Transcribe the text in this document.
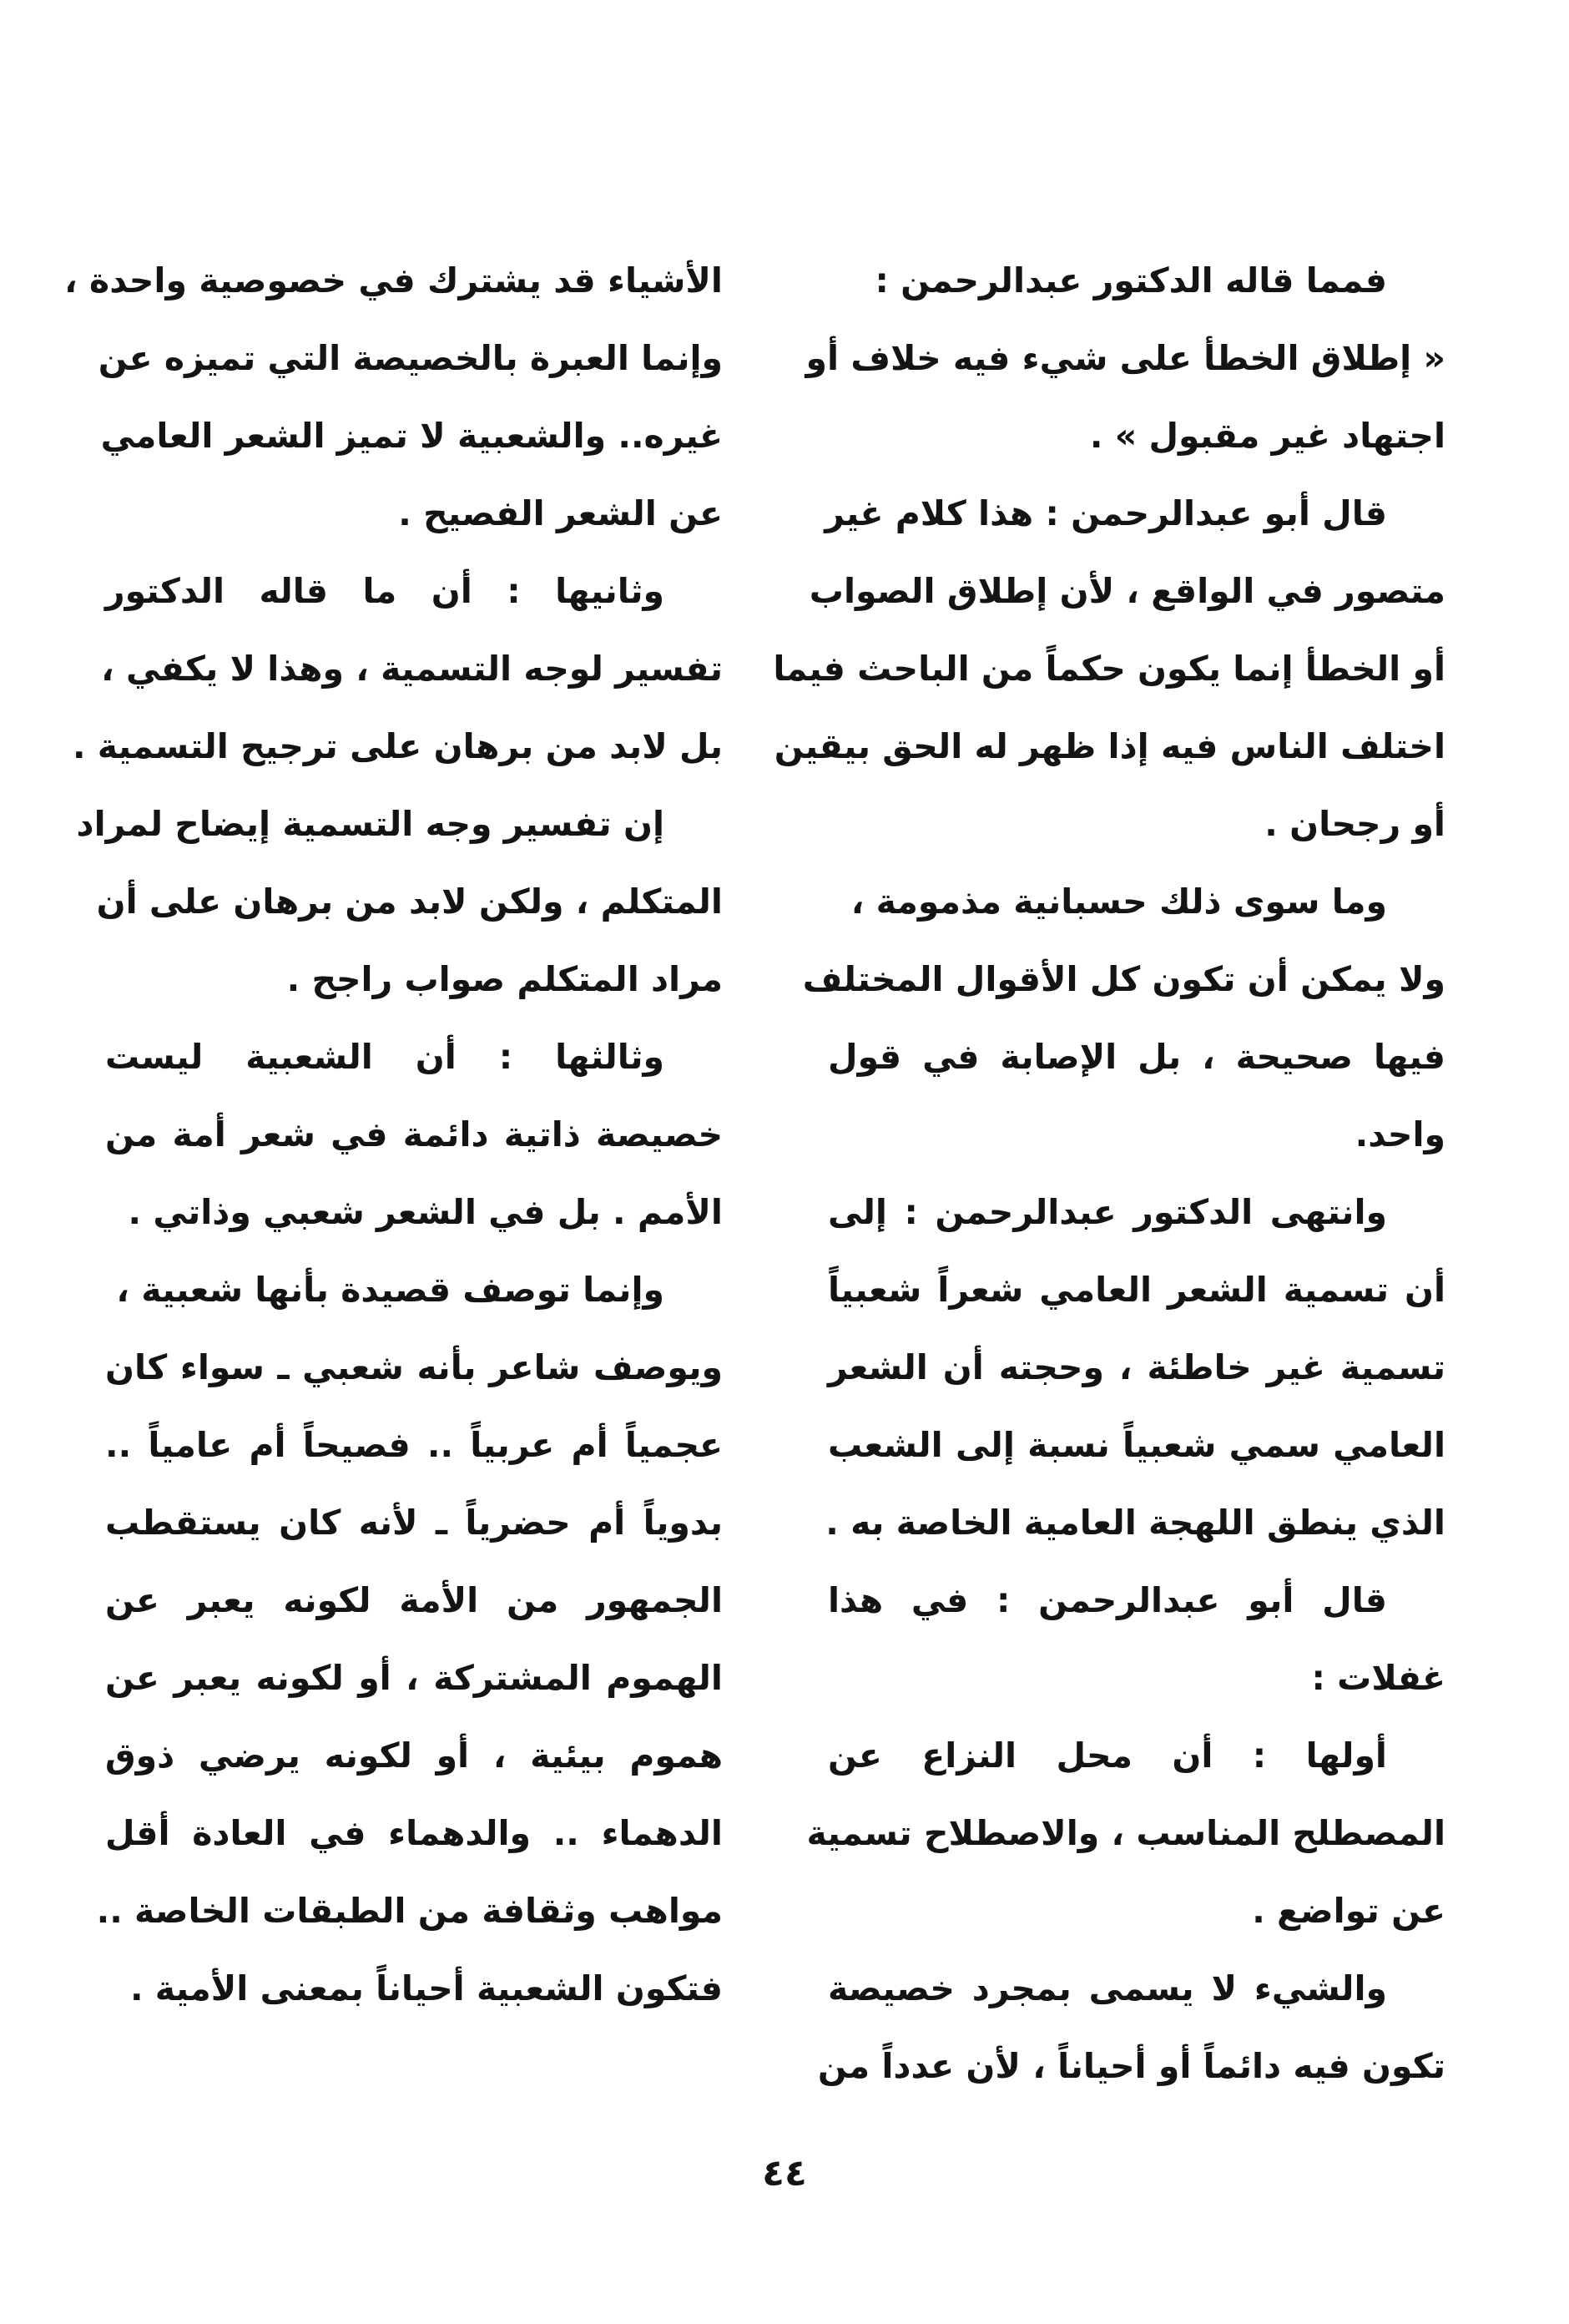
فمما قاله الدكتور عبدالرحمن :
« إطلاق الخطأ على شيء فيه خلاف أو
اجتهاد غير مقبول » .
قال أبو عبدالرحمن : هذا كلام غير
متصور في الواقع ، لأن إطلاق الصواب
أو الخطأ إنما يكون حكماً من الباحث فيما
اختلف الناس فيه إذا ظهر له الحق بيقين
أو رجحان .
وما سوى ذلك حسبانية مذمومة ،
ولا يمكن أن تكون كل الأقوال المختلف
فيها صحيحة ، بل الإصابة في قول
واحد.
وانتهى الدكتور عبدالرحمن : إلى
أن تسمية الشعر العامي شعراً شعبياً
تسمية غير خاطئة ، وحجته أن الشعر
العامي سمي شعبياً نسبة إلى الشعب
الذي ينطق اللهجة العامية الخاصة به .
قال أبو عبدالرحمن : في هذا
غفلات :
أولها : أن محل النزاع عن
المصطلح المناسب ، والاصطلاح تسمية
عن تواضع .
والشيء لا يسمى بمجرد خصيصة
تكون فيه دائماً أو أحياناً ، لأن عدداً من
الأشياء قد يشترك في خصوصية واحدة ،
وإنما العبرة بالخصيصة التي تميزه عن
غيره.. والشعبية لا تميز الشعر العامي
عن الشعر الفصيح .
وثانيها : أن ما قاله الدكتور
تفسير لوجه التسمية ، وهذا لا يكفي ،
بل لابد من برهان على ترجيح التسمية .
إن تفسير وجه التسمية إيضاح لمراد
المتكلم ، ولكن لابد من برهان على أن
مراد المتكلم صواب راجح .
وثالثها : أن الشعبية ليست
خصيصة ذاتية دائمة في شعر أمة من
الأمم . بل في الشعر شعبي وذاتي .
وإنما توصف قصيدة بأنها شعبية ،
ويوصف شاعر بأنه شعبي ـ سواء كان
عجمياً أم عربياً .. فصيحاً أم عامياً ..
بدوياً أم حضرياً ـ لأنه كان يستقطب
الجمهور من الأمة لكونه يعبر عن
الهموم المشتركة ، أو لكونه يعبر عن
هموم بيئية ، أو لكونه يرضي ذوق
الدهماء .. والدهماء في العادة أقل
مواهب وثقافة من الطبقات الخاصة ..
فتكون الشعبية أحياناً بمعنى الأمية .
٤٤
